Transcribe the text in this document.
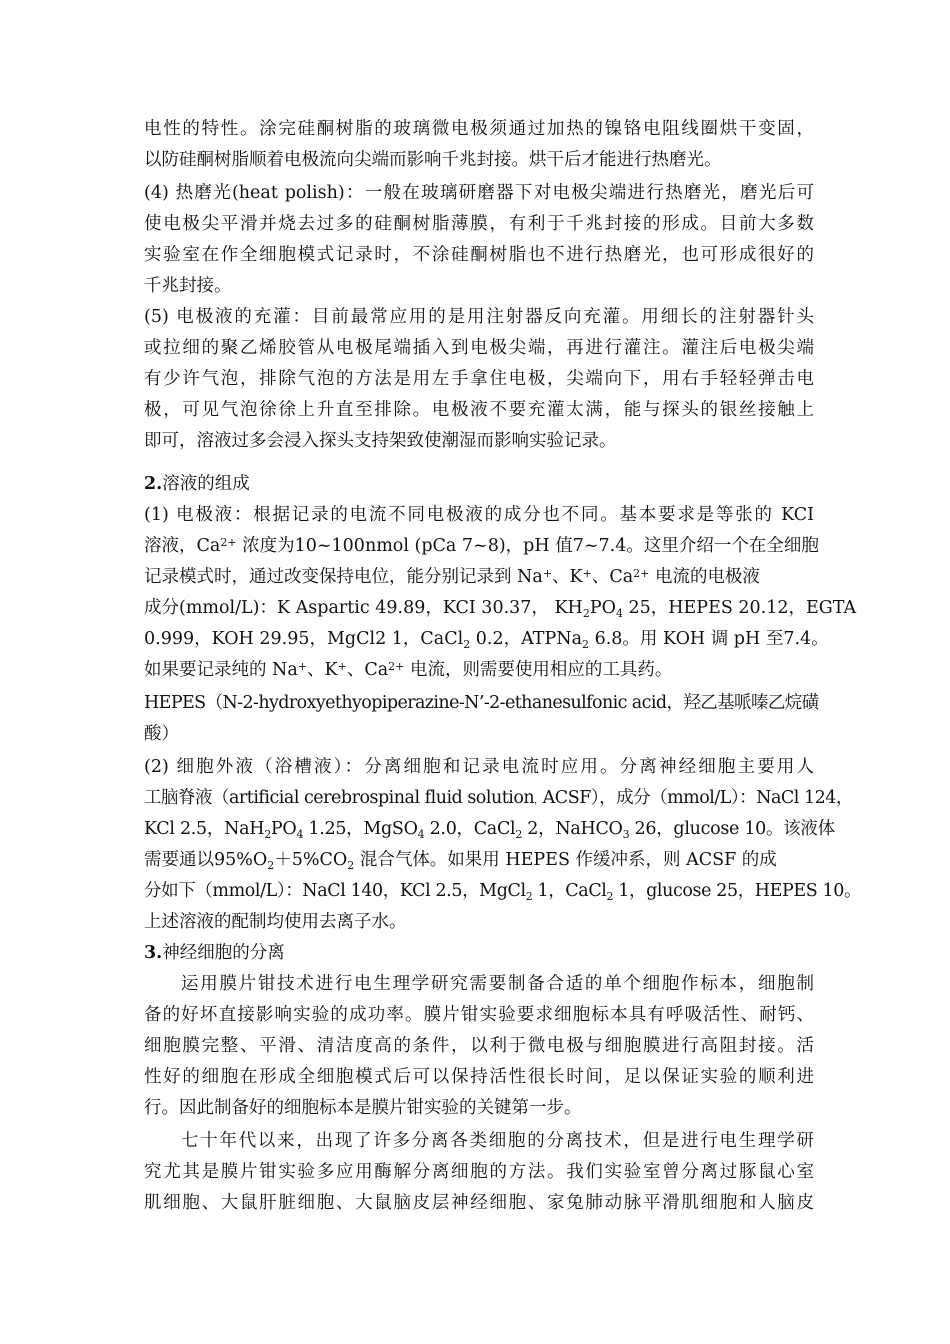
电性的特性。涂完硅酮树脂的玻璃微电极须通过加热的镍铬电阻线圈烘干变固，
以防硅酮树脂顺着电极流向尖端而影响千兆封接。烘干后才能进行热磨光。
(4) 热磨光(heat polish)：一般在玻璃研磨器下对电极尖端进行热磨光，磨光后可
使电极尖平滑并烧去过多的硅酮树脂薄膜，有利于千兆封接的形成。目前大多数
实验室在作全细胞模式记录时，不涂硅酮树脂也不进行热磨光，也可形成很好的
千兆封接。
(5) 电极液的充灌：目前最常应用的是用注射器反向充灌。用细长的注射器针头
或拉细的聚乙烯胶管从电极尾端插入到电极尖端，再进行灌注。灌注后电极尖端
有少许气泡，排除气泡的方法是用左手拿住电极，尖端向下，用右手轻轻弹击电
极，可见气泡徐徐上升直至排除。电极液不要充灌太满，能与探头的银丝接触上
即可，溶液过多会浸入探头支持架致使潮湿而影响实验记录。
2.溶液的组成
(1) 电极液：根据记录的电流不同电极液的成分也不同。基本要求是等张的 KCI
溶液，$Ca^{2+}$ 浓度为10~100nmol (pCa 7~8)，pH 值7~7.4。这里介绍一个在全细胞
记录模式时，通过改变保持电位，能分别记录到 Na+、K+、$Ca^{2+}$ 电流的电极液
成分(mmol/L)：K Aspartic 49.89，KCI 30.37， $KH_2PO_4$ 25，HEPES 20.12，EGTA
0.999，KOH 29.95，MgCl2 1，CaCl$_2$ 0.2，ATPNa$_2$ 6.8。用 KOH 调 pH 至7.4。
如果要记录纯的 Na+、K+、$Ca^{2+}$ 电流，则需要使用相应的工具药。
HEPES（N-2-hydroxyethyopiperazine-N’-2-ethanesulfonic acid，羟乙基哌嗪乙烷磺
酸）
(2) 细胞外液（浴槽液）：分离细胞和记录电流时应用。分离神经细胞主要用人
工脑脊液（artificial cerebrospinal fluid solution，ACSF），成分（mmol/L）：NaCl 124，
KCl 2.5，$NaH_2PO_4$ 1.25，MgSO$_4$ 2.0，CaCl$_2$ 2，NaHCO$_3$ 26，glucose 10。该液体
需要通以$95\%O_2+5\%CO_2$ 混合气体。如果用 HEPES 作缓冲系，则 ACSF 的成
分如下（mmol/L）：NaCl 140，KCl 2.5，MgCl$_2$ 1，CaCl$_2$ 1，glucose 25，HEPES 10。
上述溶液的配制均使用去离子水。
3.神经细胞的分离
运用膜片钳技术进行电生理学研究需要制备合适的单个细胞作标本，细胞制
备的好坏直接影响实验的成功率。膜片钳实验要求细胞标本具有呼吸活性、耐钙、
细胞膜完整、平滑、清洁度高的条件，以利于微电极与细胞膜进行高阻封接。活
性好的细胞在形成全细胞模式后可以保持活性很长时间，足以保证实验的顺利进
行。因此制备好的细胞标本是膜片钳实验的关键第一步。
七十年代以来，出现了许多分离各类细胞的分离技术，但是进行电生理学研
究尤其是膜片钳实验多应用酶解分离细胞的方法。我们实验室曾分离过豚鼠心室
肌细胞、大鼠肝脏细胞、大鼠脑皮层神经细胞、家兔肺动脉平滑肌细胞和人脑皮
